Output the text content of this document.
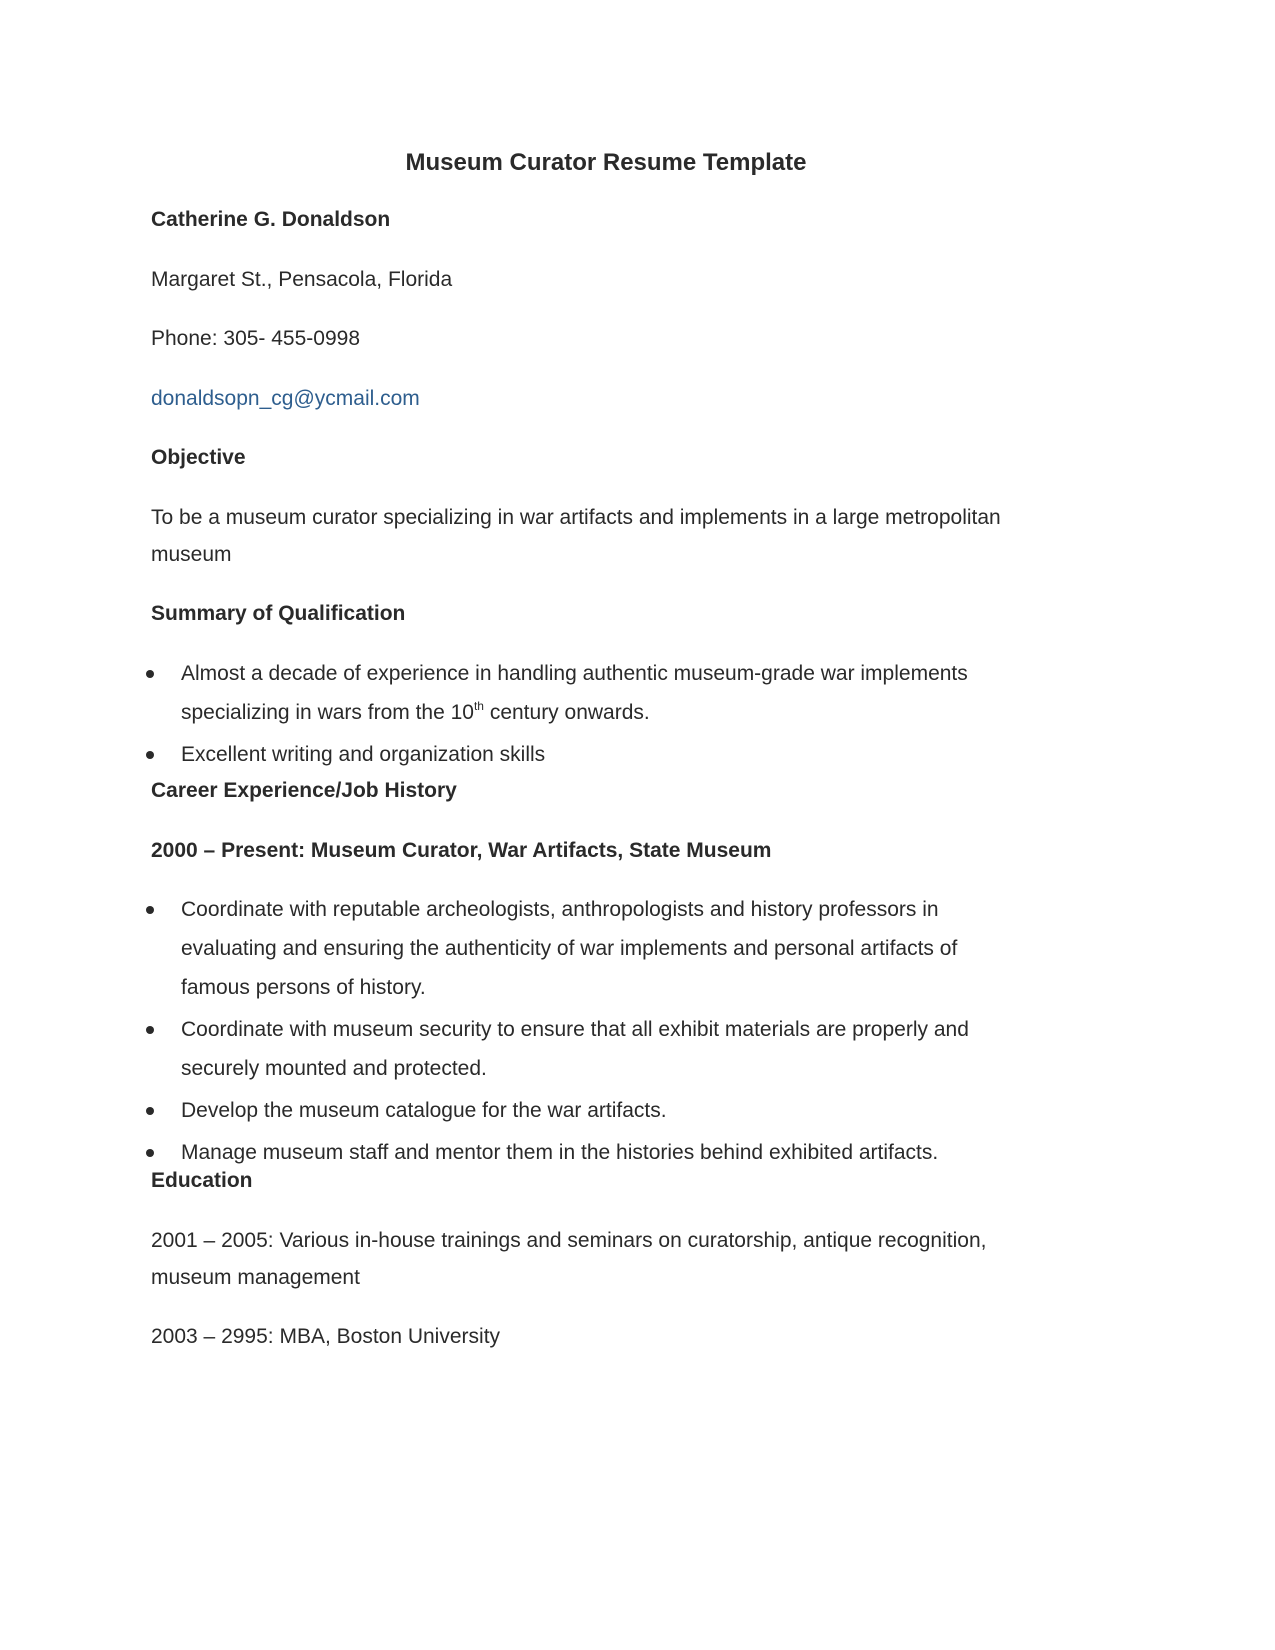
Museum Curator Resume Template
Catherine G. Donaldson
Margaret St., Pensacola, Florida
Phone: 305- 455-0998
donaldsopn_cg@ycmail.com
Objective
To be a museum curator specializing in war artifacts and implements in a large metropolitan
museum
Summary of Qualification
Almost a decade of experience in handling authentic museum-grade war implements
specializing in wars from the 10th century onwards.
Excellent writing and organization skills
Career Experience/Job History
2000 – Present: Museum Curator, War Artifacts, State Museum
Coordinate with reputable archeologists, anthropologists and history professors in
evaluating and ensuring the authenticity of war implements and personal artifacts of
famous persons of history.
Coordinate with museum security to ensure that all exhibit materials are properly and
securely mounted and protected.
Develop the museum catalogue for the war artifacts.
Manage museum staff and mentor them in the histories behind exhibited artifacts.
Education
2001 – 2005: Various in-house trainings and seminars on curatorship, antique recognition,
museum management
2003 – 2995: MBA, Boston University
